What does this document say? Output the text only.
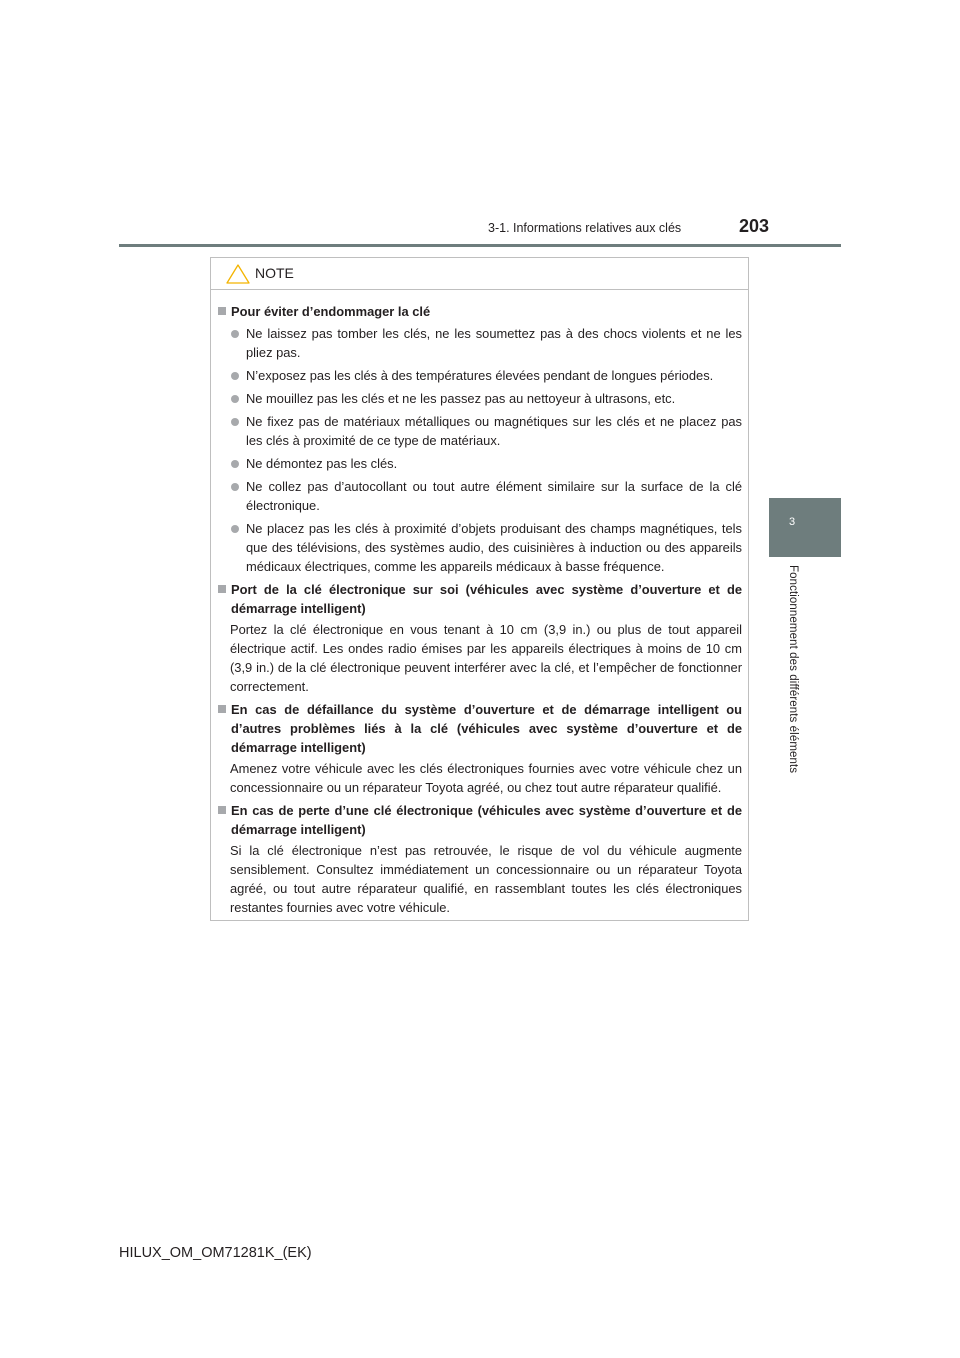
3-1. Informations relatives aux clés	203
3
Fonctionnement des différents éléments
NOTE
Pour éviter d’endommager la clé
Ne laissez pas tomber les clés, ne les soumettez pas à des chocs violents et ne les pliez pas.
N’exposez pas les clés à des températures élevées pendant de longues périodes.
Ne mouillez pas les clés et ne les passez pas au nettoyeur à ultrasons, etc.
Ne fixez pas de matériaux métalliques ou magnétiques sur les clés et ne placez pas les clés à proximité de ce type de matériaux.
Ne démontez pas les clés.
Ne collez pas d’autocollant ou tout autre élément similaire sur la surface de la clé électronique.
Ne placez pas les clés à proximité d’objets produisant des champs magnétiques, tels que des télévisions, des systèmes audio, des cuisinières à induction ou des appareils médicaux électriques, comme les appareils médicaux à basse fréquence.
Port de la clé électronique sur soi (véhicules avec système d’ouverture et de démarrage intelligent)
Portez la clé électronique en vous tenant à 10 cm (3,9 in.) ou plus de tout appareil électrique actif. Les ondes radio émises par les appareils électriques à moins de 10 cm (3,9 in.) de la clé électronique peuvent interférer avec la clé, et l’empêcher de fonctionner correctement.
En cas de défaillance du système d’ouverture et de démarrage intelligent ou d’autres problèmes liés à la clé (véhicules avec système d’ouverture et de démarrage intelligent)
Amenez votre véhicule avec les clés électroniques fournies avec votre véhicule chez un concessionnaire ou un réparateur Toyota agréé, ou chez tout autre réparateur qualifié.
En cas de perte d’une clé électronique (véhicules avec système d’ouverture et de démarrage intelligent)
Si la clé électronique n’est pas retrouvée, le risque de vol du véhicule augmente sensiblement. Consultez immédiatement un concessionnaire ou un réparateur Toyota agréé, ou tout autre réparateur qualifié, en rassemblant toutes les clés électroniques restantes fournies avec votre véhicule.
HILUX_OM_OM71281K_(EK)
